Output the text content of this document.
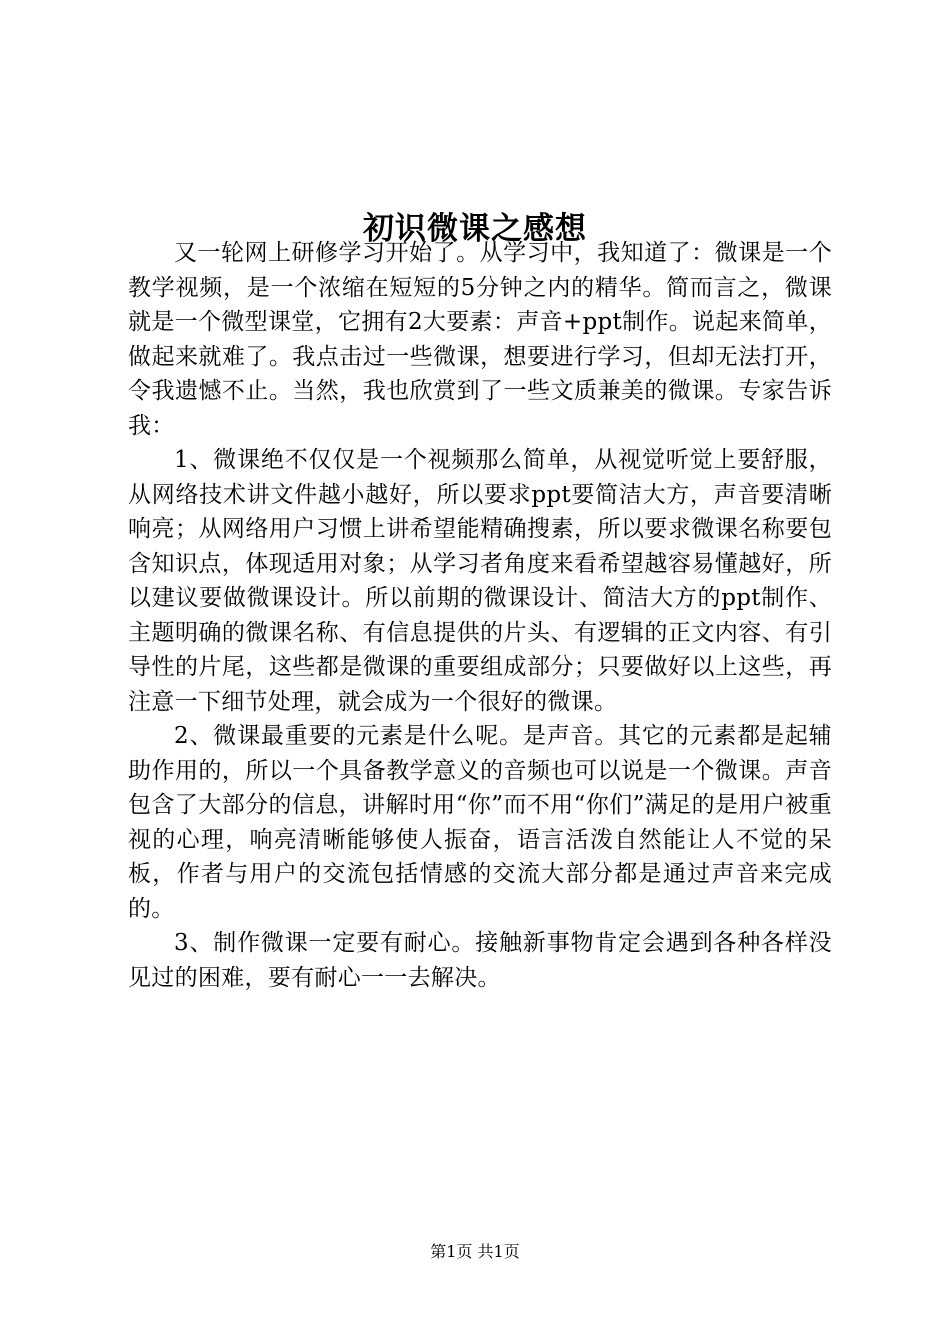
初识微课之感想

又一轮网上研修学习开始了。从学习中，我知道了：微课是一个教学视频，是一个浓缩在短短的5分钟之内的精华。简而言之，微课就是一个微型课堂，它拥有2大要素：声音+ppt制作。说起来简单，做起来就难了。我点击过一些微课，想要进行学习，但却无法打开，令我遗憾不止。当然，我也欣赏到了一些文质兼美的微课。专家告诉我：

1、微课绝不仅仅是一个视频那么简单，从视觉听觉上要舒服，从网络技术讲文件越小越好，所以要求ppt要简洁大方，声音要清晰响亮；从网络用户习惯上讲希望能精确搜素，所以要求微课名称要包含知识点，体现适用对象；从学习者角度来看希望越容易懂越好，所以建议要做微课设计。所以前期的微课设计、简洁大方的ppt制作、主题明确的微课名称、有信息提供的片头、有逻辑的正文内容、有引导性的片尾，这些都是微课的重要组成部分；只要做好以上这些，再注意一下细节处理，就会成为一个很好的微课。

2、微课最重要的元素是什么呢。是声音。其它的元素都是起辅助作用的，所以一个具备教学意义的音频也可以说是一个微课。声音包含了大部分的信息，讲解时用“你”而不用“你们”满足的是用户被重视的心理，响亮清晰能够使人振奋，语言活泼自然能让人不觉的呆板，作者与用户的交流包括情感的交流大部分都是通过声音来完成的。

3、制作微课一定要有耐心。接触新事物肯定会遇到各种各样没见过的困难，要有耐心一一去解决。

第1页 共1页
